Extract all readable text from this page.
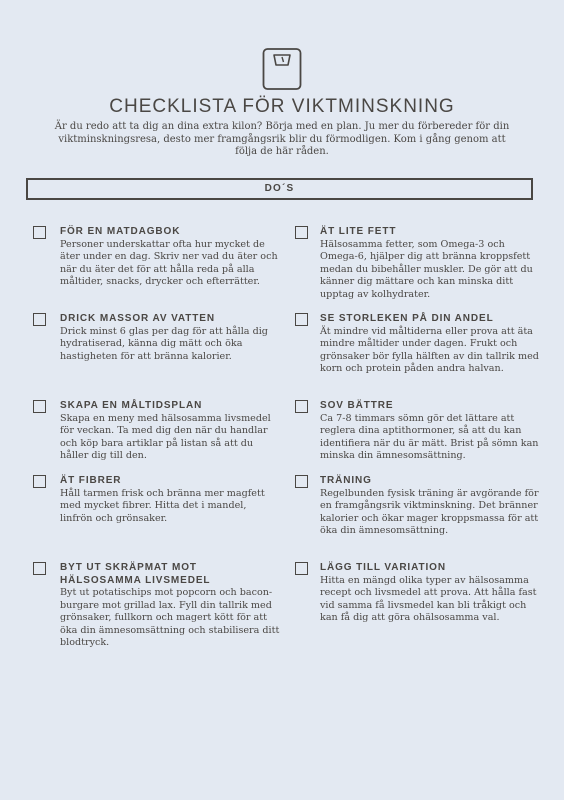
CHECKLISTA FÖR VIKTMINSKNING
Är du redo att ta dig an dina extra kilon? Börja med en plan. Ju mer du förbereder för din viktminskningsresa, desto mer framgångsrik blir du förmodligen. Kom i gång genom att följa de här råden.
DO´S
FÖR EN MATDAGBOK
Personer underskattar ofta hur mycket de äter under en dag. Skriv ner vad du äter och när du äter det för att hålla reda på alla måltider, snacks, drycker och efterrätter.
DRICK MASSOR AV VATTEN
Drick minst 6 glas per dag för att hålla dig hydratiserad, känna dig mätt och öka hastigheten för att bränna kalorier.
SKAPA EN MÅLTIDSPLAN
Skapa en meny med hälsosamma livsmedel för veckan. Ta med dig den när du handlar och köp bara artiklar på listan så att du håller dig till den.
ÄT FIBRER
Håll tarmen frisk och bränna mer magfett med mycket fibrer. Hitta det i mandel, linfrön och grönsaker.
BYT UT SKRÄPMAT MOT HÄLSOSAMMA LIVSMEDEL
Byt ut potatischips mot popcorn och bacon-burgare mot grillad lax. Fyll din tallrik med grönsaker, fullkorn och magert kött för att öka din ämnesomsättning och stabilisera ditt blodtryck.
ÄT LITE FETT
Hälsosamma fetter, som Omega-3 och Omega-6, hjälper dig att bränna kroppsfett medan du bibehåller muskler. De gör att du känner dig mättare och kan minska ditt upptag av kolhydrater.
SE STORLEKEN PÅ DIN ANDEL
Ät mindre vid måltiderna eller prova att äta mindre måltider under dagen. Frukt och grönsaker bör fylla hälften av din tallrik med korn och protein påden andra halvan.
SOV BÄTTRE
Ca 7-8 timmars sömn gör det lättare att reglera dina aptithormoner, så att du kan identifiera när du är mätt. Brist på sömn kan minska din ämnesomsättning.
TRÄNING
Regelbunden fysisk träning är avgörande för en framgångsrik viktminskning. Det bränner kalorier och ökar mager kroppsmassa för att öka din ämnesomsättning.
LÄGG TILL VARIATION
Hitta en mängd olika typer av hälsosamma recept och livsmedel att prova. Att hålla fast vid samma få livsmedel kan bli tråkigt och kan få dig att göra ohälsosamma val.
